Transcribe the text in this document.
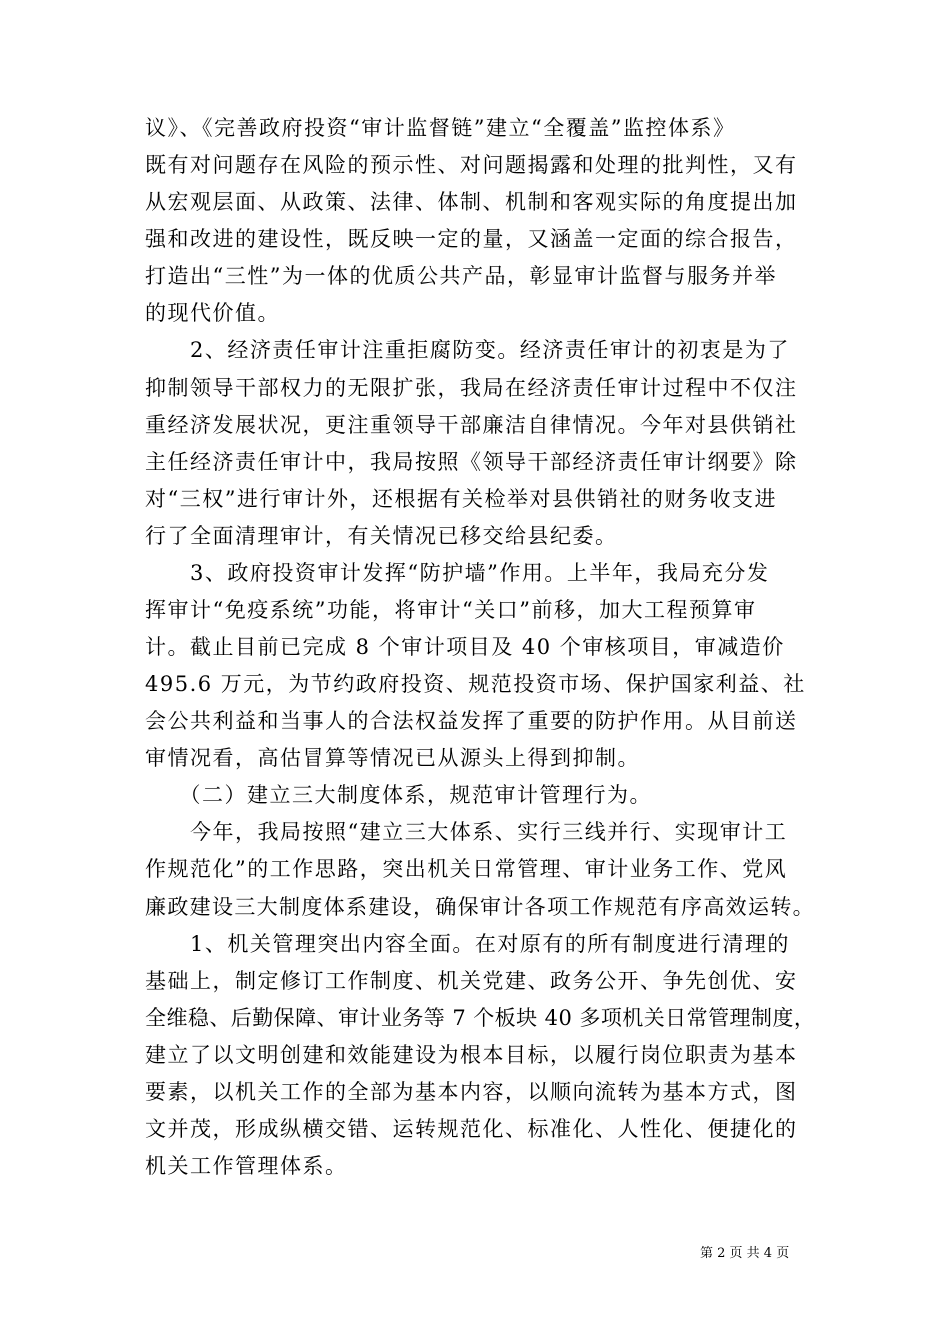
议》、《完善政府投资“审计监督链”建立“全覆盖”监控体系》
既有对问题存在风险的预示性、对问题揭露和处理的批判性，又有
从宏观层面、从政策、法律、体制、机制和客观实际的角度提出加
强和改进的建设性，既反映一定的量，又涵盖一定面的综合报告，
打造出“三性”为一体的优质公共产品，彰显审计监督与服务并举
的现代价值。
　　2、经济责任审计注重拒腐防变。经济责任审计的初衷是为了
抑制领导干部权力的无限扩张，我局在经济责任审计过程中不仅注
重经济发展状况，更注重领导干部廉洁自律情况。今年对县供销社
主任经济责任审计中，我局按照《领导干部经济责任审计纲要》除
对“三权”进行审计外，还根据有关检举对县供销社的财务收支进
行了全面清理审计，有关情况已移交给县纪委。
　　3、政府投资审计发挥“防护墙”作用。上半年，我局充分发
挥审计“免疫系统”功能，将审计“关口”前移，加大工程预算审
计。截止目前已完成 8 个审计项目及 40 个审核项目，审减造价
495.6 万元，为节约政府投资、规范投资市场、保护国家利益、社
会公共利益和当事人的合法权益发挥了重要的防护作用。从目前送
审情况看，高估冒算等情况已从源头上得到抑制。
　　（二）建立三大制度体系，规范审计管理行为。
　　今年，我局按照“建立三大体系、实行三线并行、实现审计工
作规范化”的工作思路，突出机关日常管理、审计业务工作、党风
廉政建设三大制度体系建设，确保审计各项工作规范有序高效运转。
　　1、机关管理突出内容全面。在对原有的所有制度进行清理的
基础上，制定修订工作制度、机关党建、政务公开、争先创优、安
全维稳、后勤保障、审计业务等 7 个板块 40 多项机关日常管理制度，
建立了以文明创建和效能建设为根本目标，以履行岗位职责为基本
要素，以机关工作的全部为基本内容，以顺向流转为基本方式，图
文并茂，形成纵横交错、运转规范化、标准化、人性化、便捷化的
机关工作管理体系。
第 2 页 共 4 页
